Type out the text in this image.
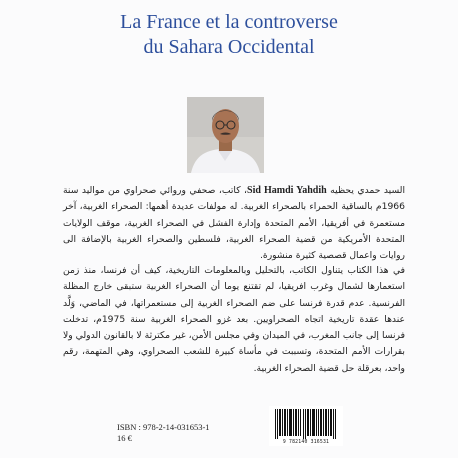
La France et la controverse
du Sahara Occidental
السيد حمدي يحظيه Sid Hamdi Yahdih، كاتب، صحفي وروائي صحراوي من مواليد سنة 1966م بالساقية الحمراء بالصحراء الغربية. له مولفات عديدة أهمها: الصحراء الغربية، آخر مستعمرة في أفريقيا، الأمم المتحدة وإدارة الفشل في الصحراء الغربية، موقف الولايات المتحدة الأمريكية من قضية الصحراء الغربية، فلسطين والصحراء الغربية بالإضافة الى روايات واعمال قصصية كثيرة منشورة.
في هذا الكتاب يتناول الكاتب، بالتحليل وبالمعلومات التاريخية، كيف أن فرنسا، منذ زمن استعمارها لشمال وغرب افريقيا، لم تقتنع يوما أن الصحراء الغربية ستبقى خارج المظلة الفرنسية. عدم قدرة فرنسا على ضم الصحراء الغربية إلى مستعمراتها، في الماضي، وَلَّد عندها عقدة تاريخية اتجاه الصحراويين. بعد غزو الصحراء الغربية سنة 1975م، تدخلت فرنسا إلى جانب المغرب، في الميدان وفي مجلس الأمن، غير مكترثة لا بالقانون الدولي ولا بقرارات الأمم المتحدة، وتسببت في مأساة كبيرة للشعب الصحراوي، وهي المتهمة، رقم واحد، بعرقلة حل قضية الصحراء الغربية.
ISBN : 978-2-14-031653-1
16 €	9 782140 316531
